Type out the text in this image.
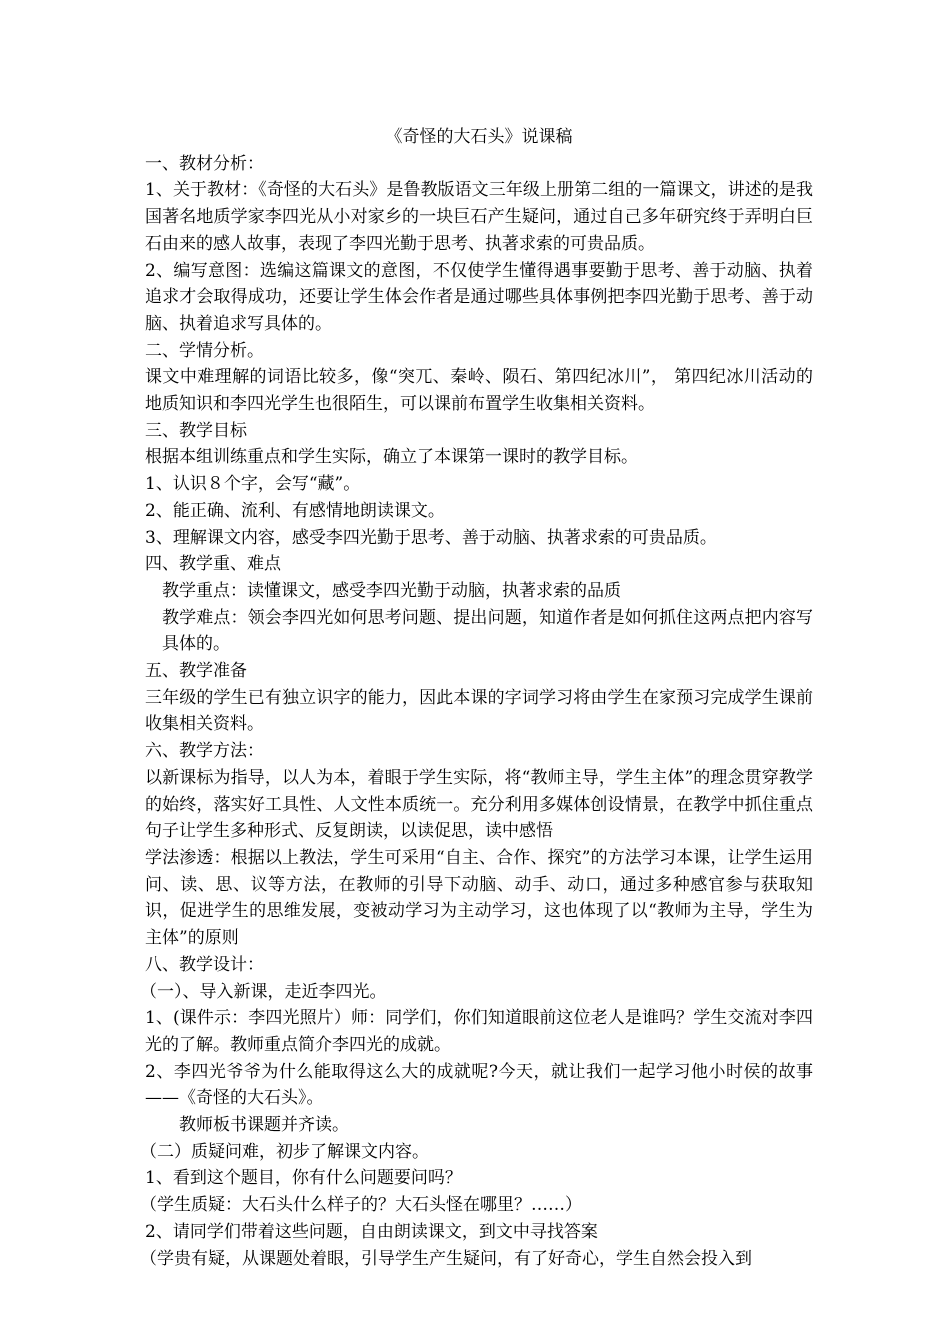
《奇怪的大石头》说课稿

一、教材分析：

1、关于教材：《奇怪的大石头》是鲁教版语文三年级上册第二组的一篇课文，讲述的是我国著名地质学家李四光从小对家乡的一块巨石产生疑问，通过自己多年研究终于弄明白巨石由来的感人故事，表现了李四光勤于思考、执著求索的可贵品质。

2、编写意图：选编这篇课文的意图，不仅使学生懂得遇事要勤于思考、善于动脑、执着追求才会取得成功，还要让学生体会作者是通过哪些具体事例把李四光勤于思考、善于动脑、执着追求写具体的。

二、学情分析。

课文中难理解的词语比较多，像“突兀、秦岭、陨石、第四纪冰川”， 第四纪冰川活动的地质知识和李四光学生也很陌生，可以课前布置学生收集相关资料。

三、教学目标

根据本组训练重点和学生实际，确立了本课第一课时的教学目标。

1、认识８个字，会写“藏”。

2、能正确、流利、有感情地朗读课文。

3、理解课文内容，感受李四光勤于思考、善于动脑、执著求索的可贵品质。

四、教学重、难点

教学重点：读懂课文，感受李四光勤于动脑，执著求索的品质

教学难点：领会李四光如何思考问题、提出问题，知道作者是如何抓住这两点把内容写具体的。

五、教学准备

三年级的学生已有独立识字的能力，因此本课的字词学习将由学生在家预习完成学生课前收集相关资料。

六、教学方法：

以新课标为指导，以人为本，着眼于学生实际，将“教师主导，学生主体”的理念贯穿教学的始终，落实好工具性、人文性本质统一。充分利用多媒体创设情景，在教学中抓住重点句子让学生多种形式、反复朗读，以读促思，读中感悟

学法渗透：根据以上教法，学生可采用“自主、合作、探究”的方法学习本课，让学生运用问、读、思、议等方法，在教师的引导下动脑、动手、动口，通过多种感官参与获取知识，促进学生的思维发展，变被动学习为主动学习，这也体现了以“教师为主导，学生为主体”的原则

八、教学设计：

（一）、导入新课，走近李四光。

1、(课件示：李四光照片）师：同学们，你们知道眼前这位老人是谁吗？学生交流对李四光的了解。教师重点简介李四光的成就。

2、李四光爷爷为什么能取得这么大的成就呢?今天，就让我们一起学习他小时侯的故事——《奇怪的大石头》。

教师板书课题并齐读。

（二）质疑问难，初步了解课文内容。

1、看到这个题目，你有什么问题要问吗？

（学生质疑：大石头什么样子的？大石头怪在哪里？……）

2、请同学们带着这些问题，自由朗读课文，到文中寻找答案

（学贵有疑，从课题处着眼，引导学生产生疑问，有了好奇心，学生自然会投入到
